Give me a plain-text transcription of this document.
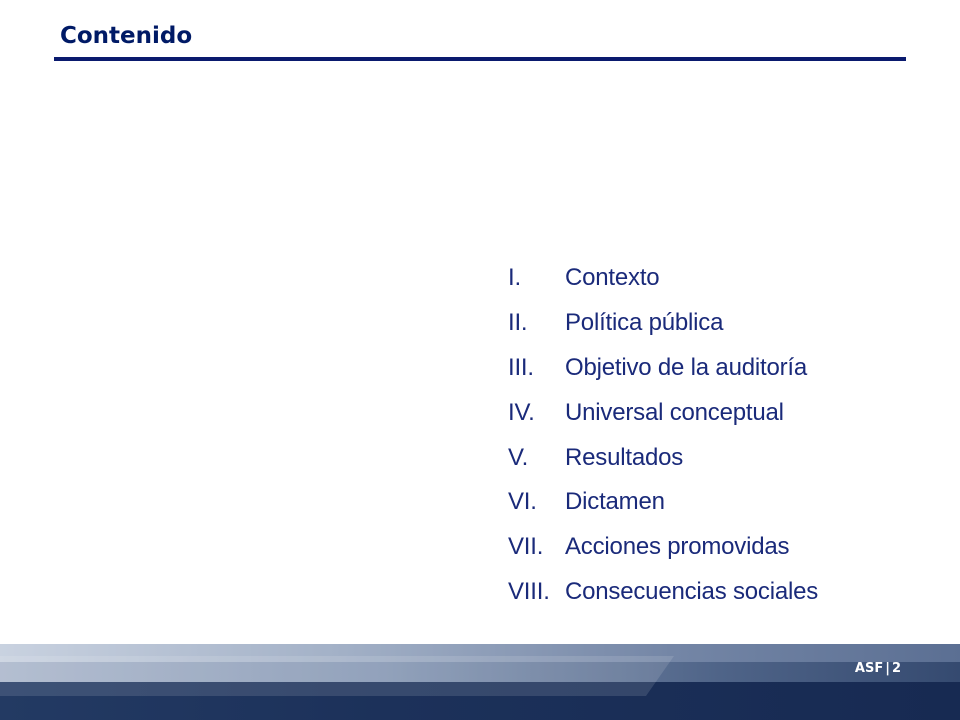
Contenido
I.	Contexto
II.	Política pública
III.	Objetivo de la auditoría
IV.	Universal conceptual
V.	Resultados
VI.	Dictamen
VII. Acciones promovidas
VIII. Consecuencias sociales
ASF | 2
